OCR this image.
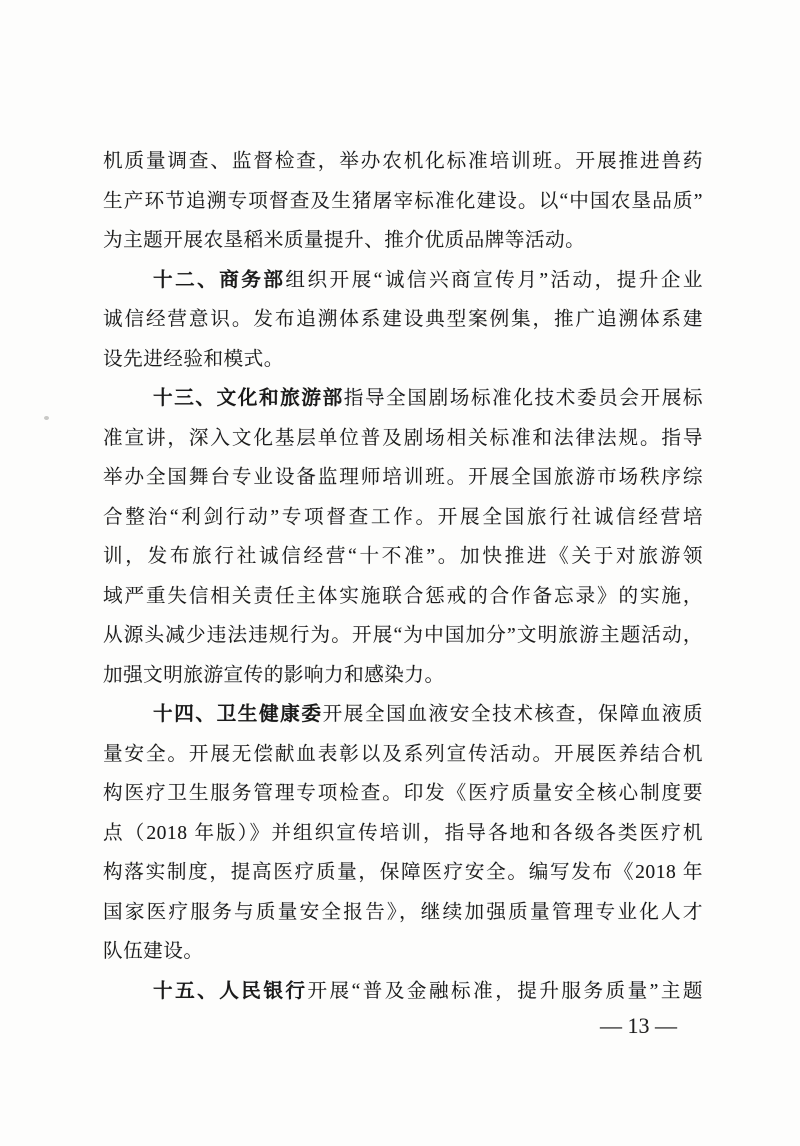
机质量调查、监督检查，举办农机化标准培训班。开展推进兽药
生产环节追溯专项督查及生猪屠宰标准化建设。以“中国农垦品质”
为主题开展农垦稻米质量提升、推介优质品牌等活动。
十二、商务部组织开展“诚信兴商宣传月”活动，提升企业
诚信经营意识。发布追溯体系建设典型案例集，推广追溯体系建
设先进经验和模式。
十三、文化和旅游部指导全国剧场标准化技术委员会开展标
准宣讲，深入文化基层单位普及剧场相关标准和法律法规。指导
举办全国舞台专业设备监理师培训班。开展全国旅游市场秩序综
合整治“利剑行动”专项督查工作。开展全国旅行社诚信经营培
训，发布旅行社诚信经营“十不准”。加快推进《关于对旅游领
域严重失信相关责任主体实施联合惩戒的合作备忘录》的实施，
从源头减少违法违规行为。开展“为中国加分”文明旅游主题活动，
加强文明旅游宣传的影响力和感染力。
十四、卫生健康委开展全国血液安全技术核查，保障血液质
量安全。开展无偿献血表彰以及系列宣传活动。开展医养结合机
构医疗卫生服务管理专项检查。印发《医疗质量安全核心制度要
点（2018 年版）》并组织宣传培训，指导各地和各级各类医疗机
构落实制度，提高医疗质量，保障医疗安全。编写发布《2018 年
国家医疗服务与质量安全报告》，继续加强质量管理专业化人才
队伍建设。
十五、人民银行开展“普及金融标准，提升服务质量”主题
— 13 —
